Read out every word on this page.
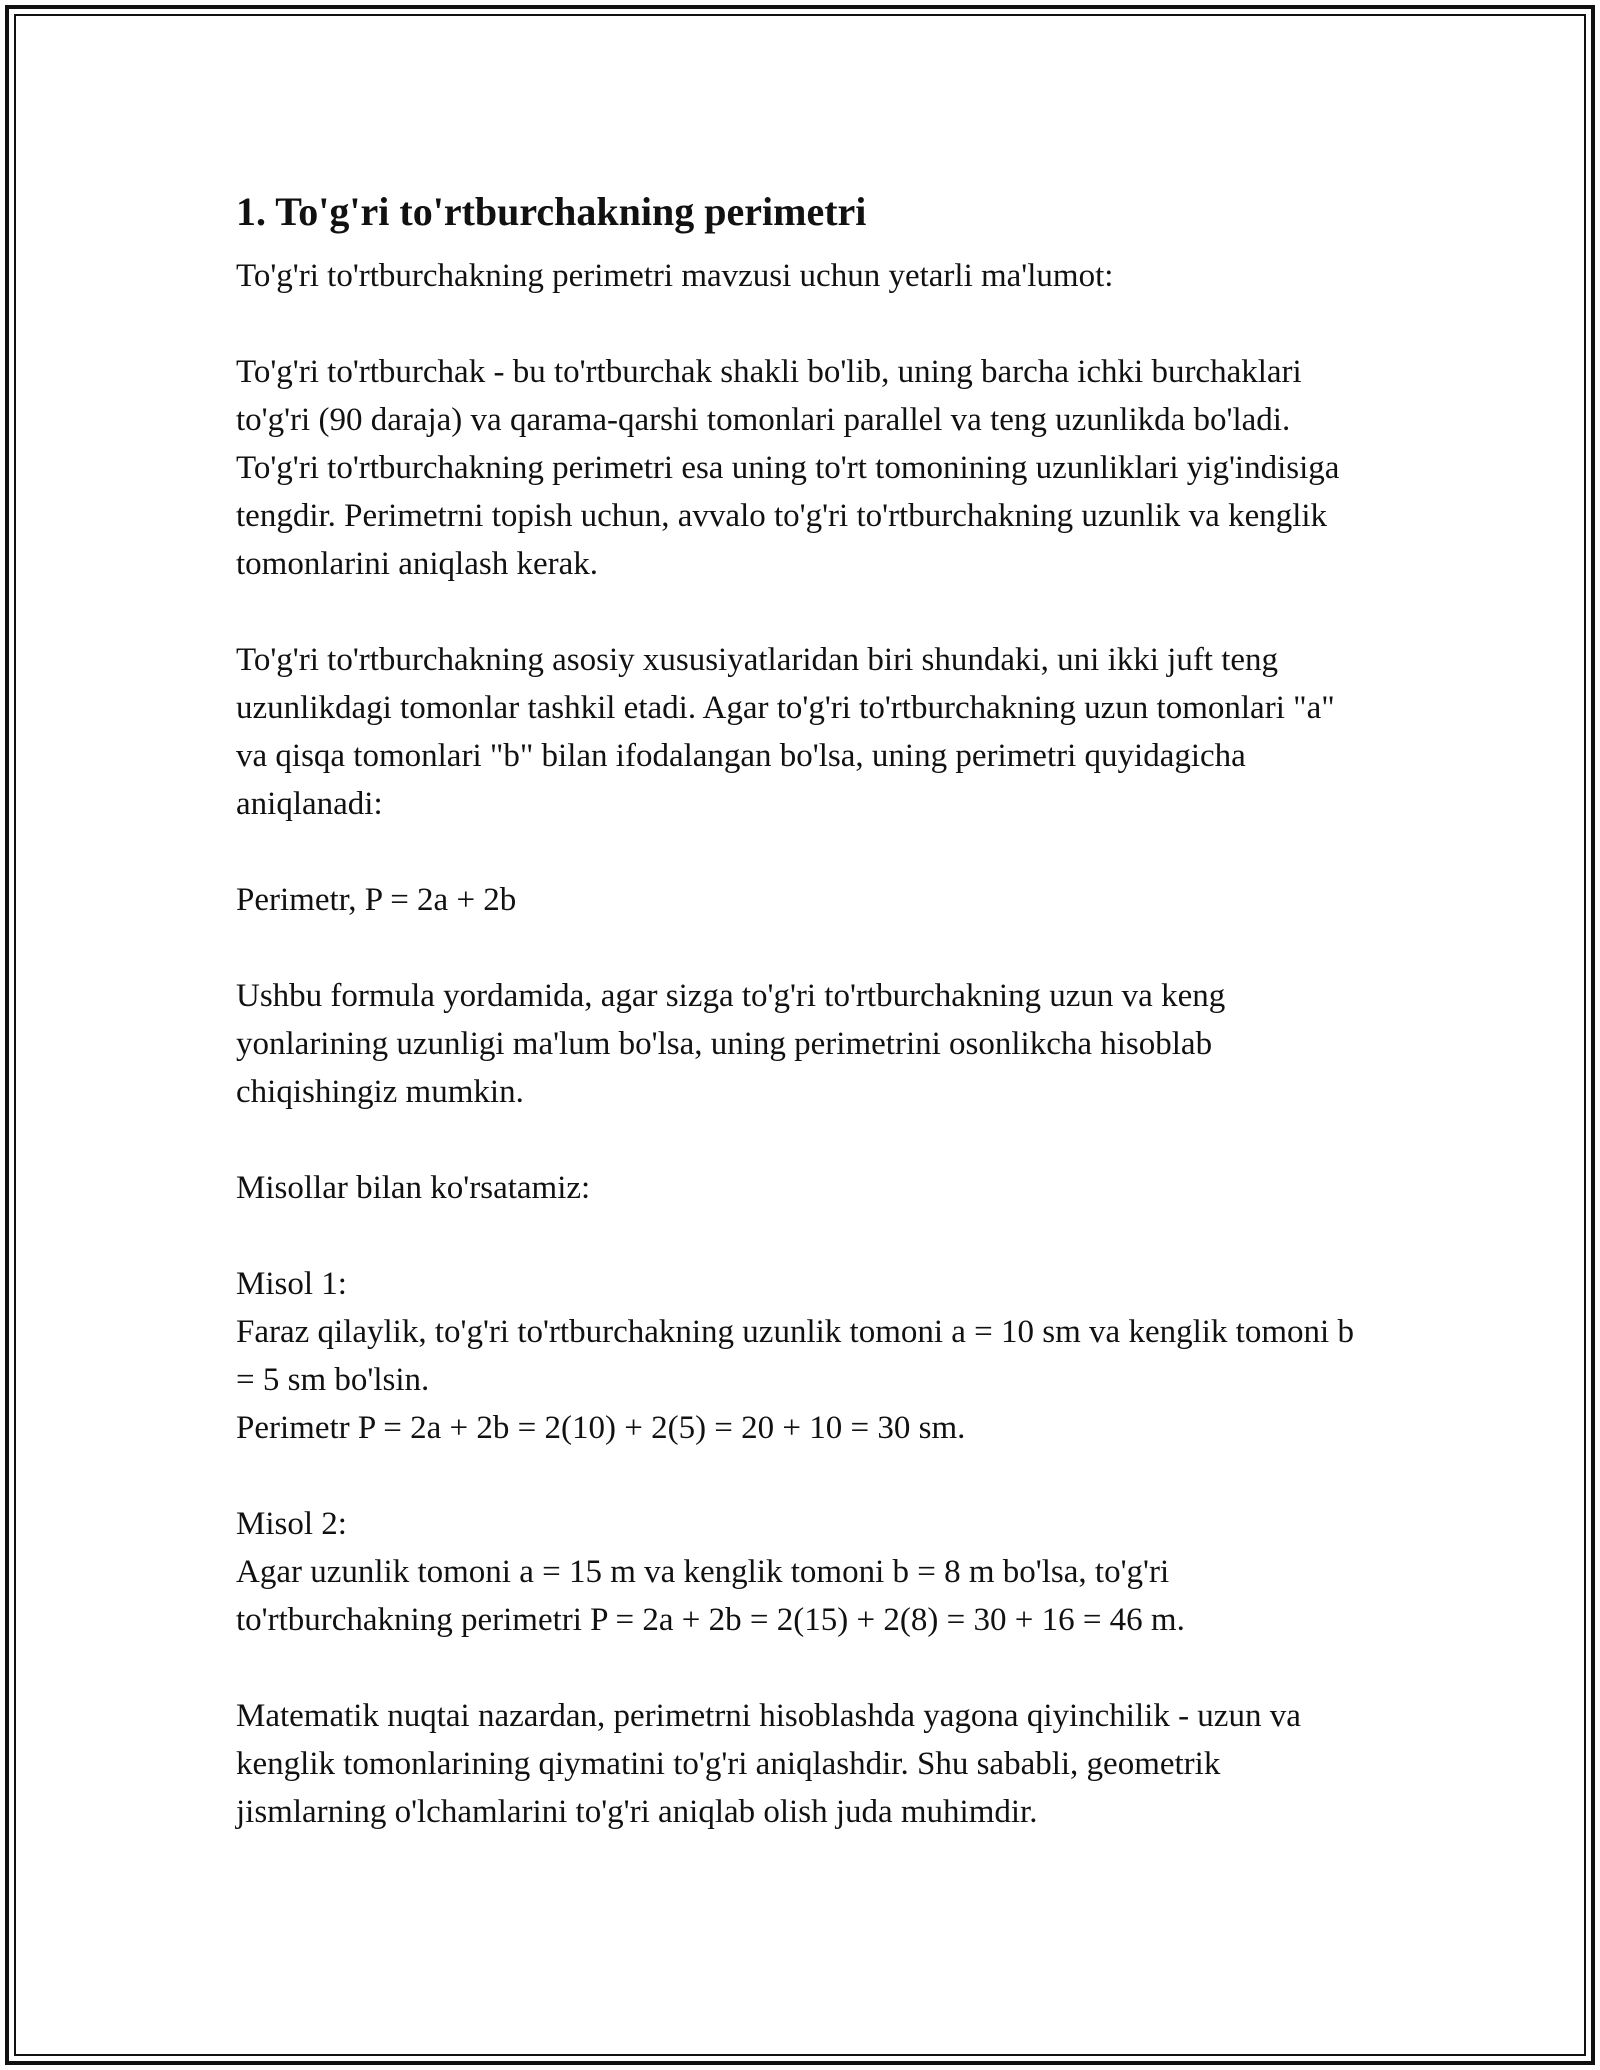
1. To'g'ri to'rtburchakning perimetri

To'g'ri to'rtburchakning perimetri mavzusi uchun yetarli ma'lumot:

To'g'ri to'rtburchak - bu to'rtburchak shakli bo'lib, uning barcha ichki burchaklari to'g'ri (90 daraja) va qarama-qarshi tomonlari parallel va teng uzunlikda bo'ladi. To'g'ri to'rtburchakning perimetri esa uning to'rt tomonining uzunliklari yig'indisiga tengdir. Perimetrni topish uchun, avvalo to'g'ri to'rtburchakning uzunlik va kenglik tomonlarini aniqlash kerak.

To'g'ri to'rtburchakning asosiy xususiyatlaridan biri shundaki, uni ikki juft teng uzunlikdagi tomonlar tashkil etadi. Agar to'g'ri to'rtburchakning uzun tomonlari "a" va qisqa tomonlari "b" bilan ifodalangan bo'lsa, uning perimetri quyidagicha aniqlanadi:

Perimetr, P = 2a + 2b

Ushbu formula yordamida, agar sizga to'g'ri to'rtburchakning uzun va keng yonlarining uzunligi ma'lum bo'lsa, uning perimetrini osonlikcha hisoblab chiqishingiz mumkin.

Misollar bilan ko'rsatamiz:

Misol 1:
Faraz qilaylik, to'g'ri to'rtburchakning uzunlik tomoni a = 10 sm va kenglik tomoni b = 5 sm bo'lsin.
Perimetr P = 2a + 2b = 2(10) + 2(5) = 20 + 10 = 30 sm.

Misol 2:
Agar uzunlik tomoni a = 15 m va kenglik tomoni b = 8 m bo'lsa, to'g'ri to'rtburchakning perimetri P = 2a + 2b = 2(15) + 2(8) = 30 + 16 = 46 m.

Matematik nuqtai nazardan, perimetrni hisoblashda yagona qiyinchilik - uzun va kenglik tomonlarining qiymatini to'g'ri aniqlashdir. Shu sababli, geometrik jismlarning o'lchamlarini to'g'ri aniqlab olish juda muhimdir.
